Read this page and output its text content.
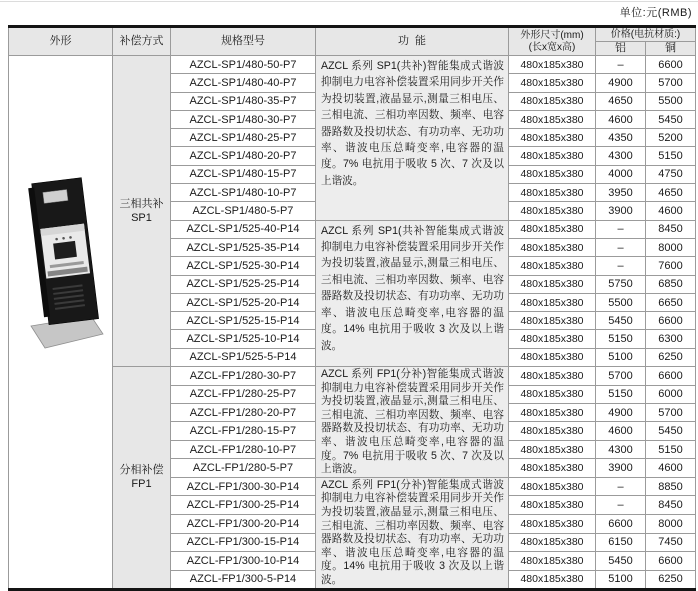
单位:元(RMB)
外形	补偿方式	规格型号	功  能	外形尺寸(mm)
(长x宽x高)	价格(电抗材质:)	
					铝	铜

三相共补
SP1	AZCL-SP1/480-50-P7	AZCL 系列 SP1(共补)智能集成式谐波抑制电力电容补偿装置采用同步开关作为投切装置,液晶显示,测量三相电压、三相电流、三相功率因数、频率、电容器路数及投切状态、有功功率、无功功率、谐波电压总畸变率,电容器的温度。7% 电抗用于吸收 5 次、7 次及以上谐波。	480x185x380	–	6600
		AZCL-SP1/480-40-P7		480x185x380	4900	5700
		AZCL-SP1/480-35-P7		480x185x380	4650	5500
		AZCL-SP1/480-30-P7		480x185x380	4600	5450
		AZCL-SP1/480-25-P7		480x185x380	4350	5200
		AZCL-SP1/480-20-P7		480x185x380	4300	5150
		AZCL-SP1/480-15-P7		480x185x380	4000	4750
		AZCL-SP1/480-10-P7		480x185x380	3950	4650
		AZCL-SP1/480-5-P7		480x185x380	3900	4600
		AZCL-SP1/525-40-P14	AZCL 系列 SP1(共补智能集成式谐波抑制电力电容补偿装置采用同步开关作为投切装置,液晶显示,测量三相电压、三相电流、三相功率因数、频率、电容器路数及投切状态、有功功率、无功功率、谐波电压总畸变率,电容器的温度。14% 电抗用于吸收 3 次及以上谐波。	480x185x380	–	8450
		AZCL-SP1/525-35-P14		480x185x380	–	8000
		AZCL-SP1/525-30-P14		480x185x380	–	7600
		AZCL-SP1/525-25-P14		480x185x380	5750	6850
		AZCL-SP1/525-20-P14		480x185x380	5500	6650
		AZCL-SP1/525-15-P14		480x185x380	5450	6600
		AZCL-SP1/525-10-P14		480x185x380	5150	6300
		AZCL-SP1/525-5-P14		480x185x380	5100	6250

	分相补偿
FP1	AZCL-FP1/280-30-P7	AZCL 系列 FP1(分补)智能集成式谐波抑制电力电容补偿装置采用同步开关作为投切装置,液晶显示,测量三相电压、三相电流、三相功率因数、频率、电容器路数及投切状态、有功功率、无功功率、谐波电压总畸变率,电容器的温度。7% 电抗用于吸收 5 次、7 次及以上谐波。	480x185x380	5700	6600
		AZCL-FP1/280-25-P7		480x185x380	5150	6000
		AZCL-FP1/280-20-P7		480x185x380	4900	5700
		AZCL-FP1/280-15-P7		480x185x380	4600	5450
		AZCL-FP1/280-10-P7		480x185x380	4300	5150
		AZCL-FP1/280-5-P7		480x185x380	3900	4600
		AZCL-FP1/300-30-P14	AZCL 系列 FP1(分补)智能集成式谐波抑制电力电容补偿装置采用同步开关作为投切装置,液晶显示,测量三相电压、三相电流、三相功率因数、频率、电容器路数及投切状态、有功功率、无功功率、谐波电压总畸变率,电容器的温度。14% 电抗用于吸收 3 次及以上谐波。	480x185x380	–	8850
		AZCL-FP1/300-25-P14		480x185x380	–	8450
		AZCL-FP1/300-20-P14		480x185x380	6600	8000
		AZCL-FP1/300-15-P14		480x185x380	6150	7450
		AZCL-FP1/300-10-P14		480x185x380	5450	6600
		AZCL-FP1/300-5-P14		480x185x380	5100	6250
